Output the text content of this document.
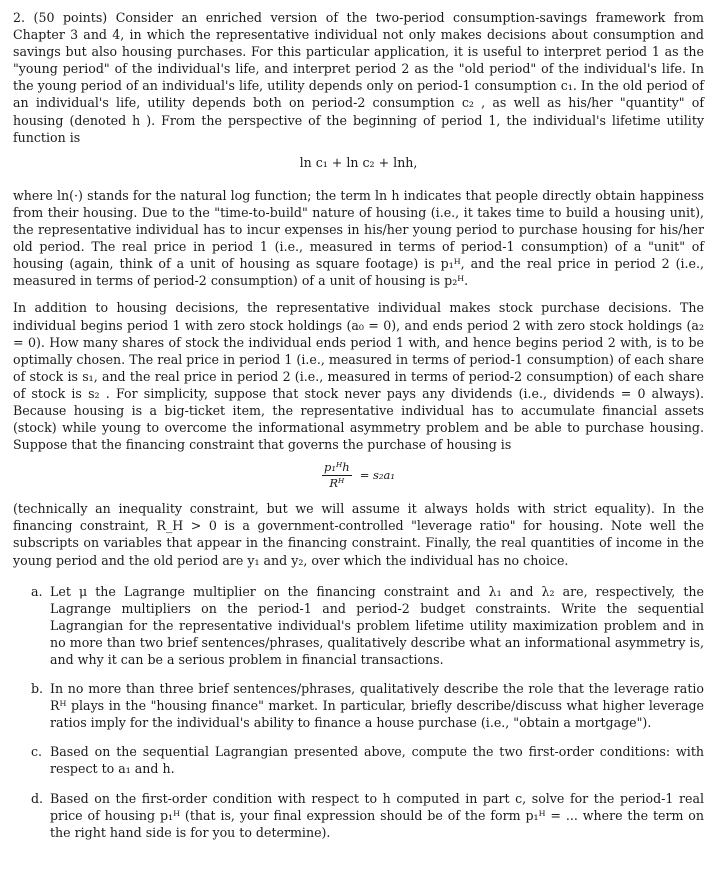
2. (50 points) Consider an enriched version of the two-period consumption-savings framework from Chapter 3 and 4, in which the representative individual not only makes decisions about consumption and savings but also housing purchases. For this particular application, it is useful to interpret period 1 as the "young period" of the individual's life, and interpret period 2 as the "old period" of the individual's life. In the young period of an individual's life, utility depends only on period-1 consumption c₁. In the old period of an individual's life, utility depends both on period-2 consumption c₂ , as well as his/her "quantity" of housing (denoted h ). From the perspective of the beginning of period 1, the individual's lifetime utility function is

ln c₁ + ln c₂ + lnh,

where ln(·) stands for the natural log function; the term ln h indicates that people directly obtain happiness from their housing. Due to the "time-to-build" nature of housing (i.e., it takes time to build a housing unit), the representative individual has to incur expenses in his/her young period to purchase housing for his/her old period. The real price in period 1 (i.e., measured in terms of period-1 consumption) of a "unit" of housing (again, think of a unit of housing as square footage) is p₁ᴴ, and the real price in period 2 (i.e., measured in terms of period-2 consumption) of a unit of housing is p₂ᴴ.

In addition to housing decisions, the representative individual makes stock purchase decisions. The individual begins period 1 with zero stock holdings (a₀ = 0), and ends period 2 with zero stock holdings (a₂ = 0). How many shares of stock the individual ends period 1 with, and hence begins period 2 with, is to be optimally chosen. The real price in period 1 (i.e., measured in terms of period-1 consumption) of each share of stock is s₁, and the real price in period 2 (i.e., measured in terms of period-2 consumption) of each share of stock is s₂ . For simplicity, suppose that stock never pays any dividends (i.e., dividends = 0 always). Because housing is a big-ticket item, the representative individual has to accumulate financial assets (stock) while young to overcome the informational asymmetry problem and be able to purchase housing. Suppose that the financing constraint that governs the purchase of housing is

$\frac{\text{p₁ᴴh}}{\text{Rᴴ}} = s_2a_1$

(technically an inequality constraint, but we will assume it always holds with strict equality). In the financing constraint, R_H > 0 is a government-controlled "leverage ratio" for housing. Note well the subscripts on variables that appear in the financing constraint. Finally, the real quantities of income in the young period and the old period are y₁ and y₂, over which the individual has no choice.

a. Let μ the Lagrange multiplier on the financing constraint and λ₁ and λ₂ are, respectively, the Lagrange multipliers on the period-1 and period-2 budget constraints. Write the sequential Lagrangian for the representative individual's problem lifetime utility maximization problem and in no more than two brief sentences/phrases, qualitatively describe what an informational asymmetry is, and why it can be a serious problem in financial transactions.
b. In no more than three brief sentences/phrases, qualitatively describe the role that the leverage ratio Rᴴ plays in the "housing finance" market. In particular, briefly describe/discuss what higher leverage ratios imply for the individual's ability to finance a house purchase (i.e., "obtain a mortgage").
c. Based on the sequential Lagrangian presented above, compute the two first-order conditions: with respect to a₁ and h.
d. Based on the first-order condition with respect to h computed in part c, solve for the period-1 real price of housing p₁ᴴ (that is, your final expression should be of the form p₁ᴴ = ... where the term on the right hand side is for you to determine).
